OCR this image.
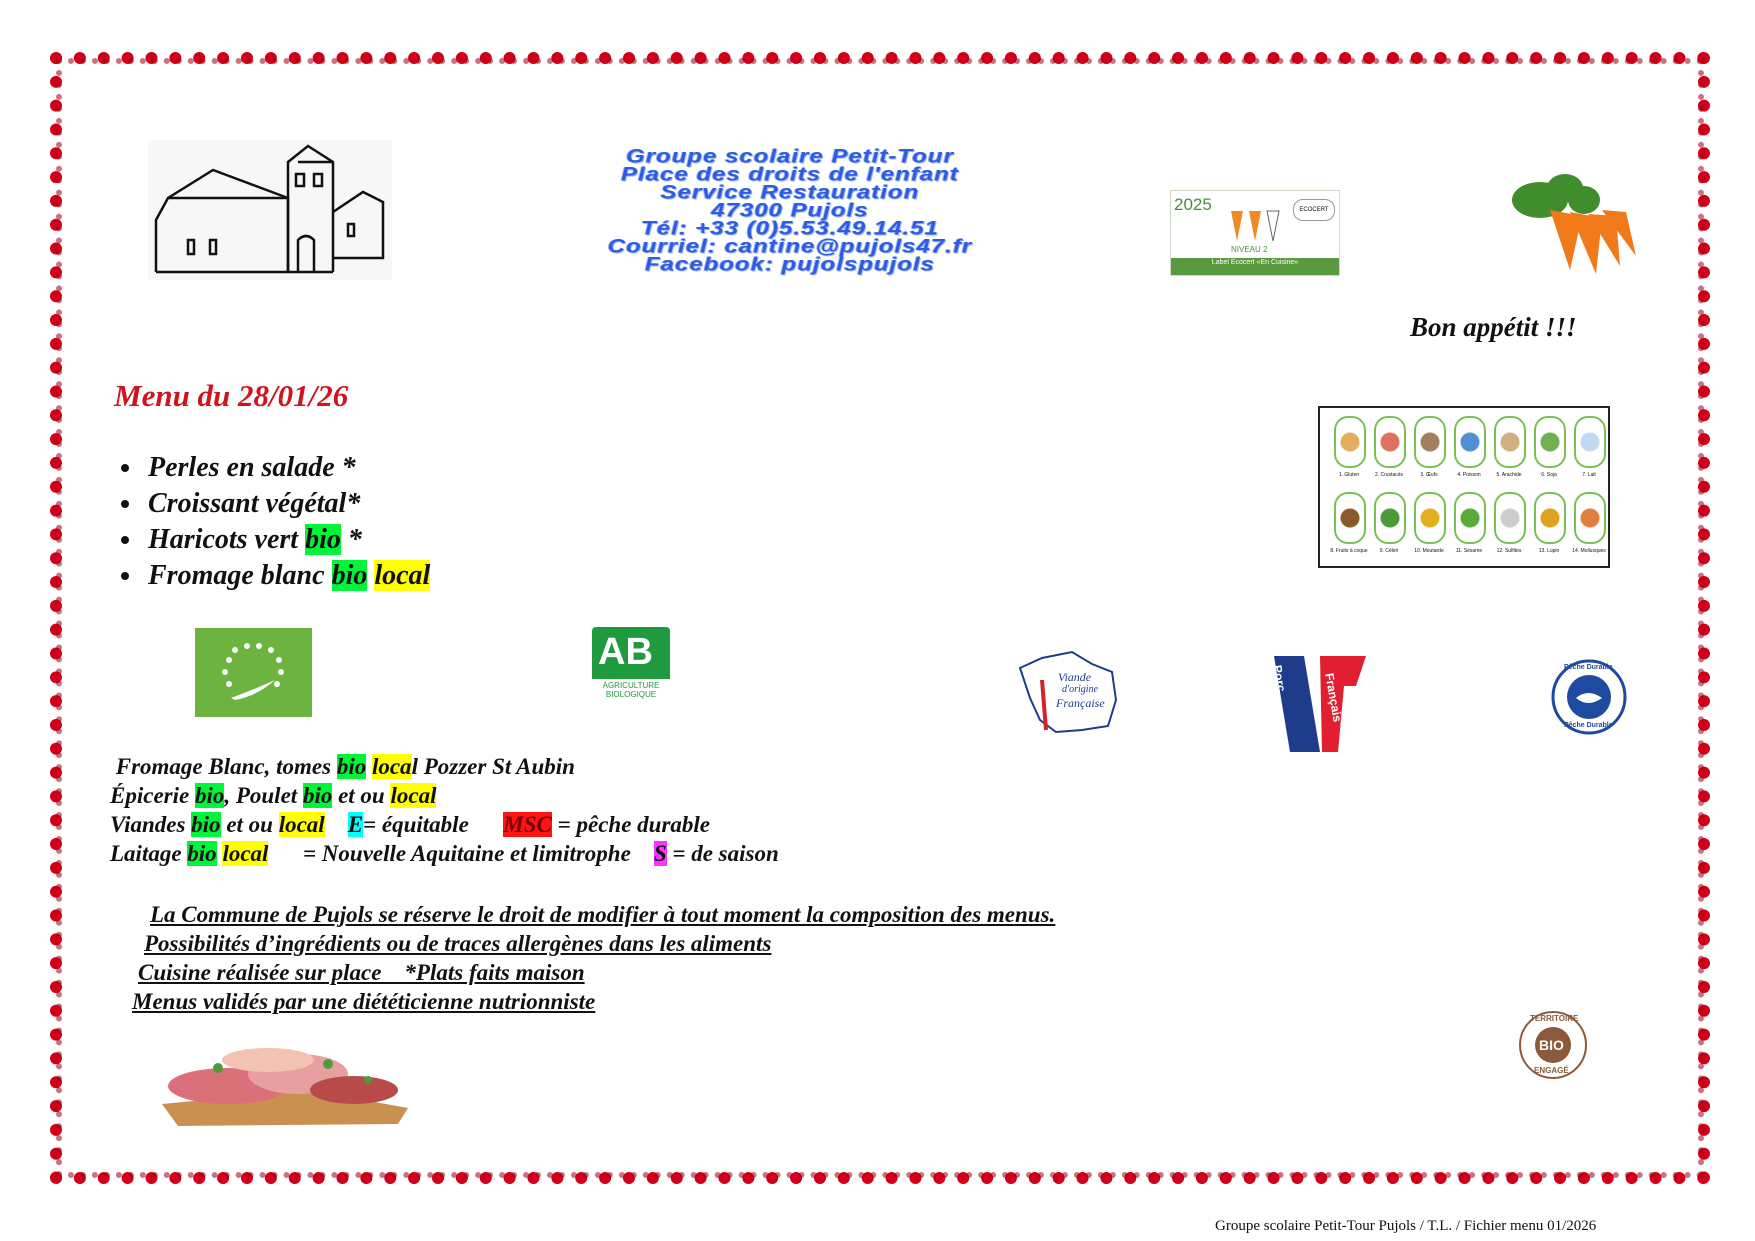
Groupe scolaire Petit-Tour
Place des droits de l'enfant
Service Restauration
47300 Pujols
Tél: +33 (0)5.53.49.14.51
Courriel: cantine@pujols47.fr
Facebook: pujolspujols
2025	ECOCERT
NIVEAU 2
Label Ecocert «En Cuisine»
Bon appétit !!!
Menu du 28/01/26
• Perles en salade *
• Croissant végétal*
• Haricots vert bio *
• Fromage blanc bio local
1. Gluten	2. Crustacés	3. Œufs	4. Poisson	5. Arachide	6. Soja	7. Lait
8. Fruits à coque	9. Céleri	10. Moutarde	11. Sésame	12. Sulfites	13. Lupin	14. Mollusques
AB
AGRICULTURE
BIOLOGIQUE
Viande
d'origine
Française
Porc	Français
Pêche Durable
Pêche Durable
Fromage Blanc, tomes bio local Pozzer St Aubin
Épicerie bio, Poulet bio et ou local
Viandes bio et ou local E= équitable MSC = pêche durable
Laitage bio local = Nouvelle Aquitaine et limitrophe S = de saison
La Commune de Pujols se réserve le droit de modifier à tout moment la composition des menus.
Possibilités d’ingrédients ou de traces allergènes dans les aliments
Cuisine réalisée sur place    *Plats faits maison
Menus validés par une diététicienne nutrionniste
TERRITOIRE
BIO
ENGAGÉ
Groupe scolaire Petit-Tour Pujols / T.L. / Fichier menu 01/2026
